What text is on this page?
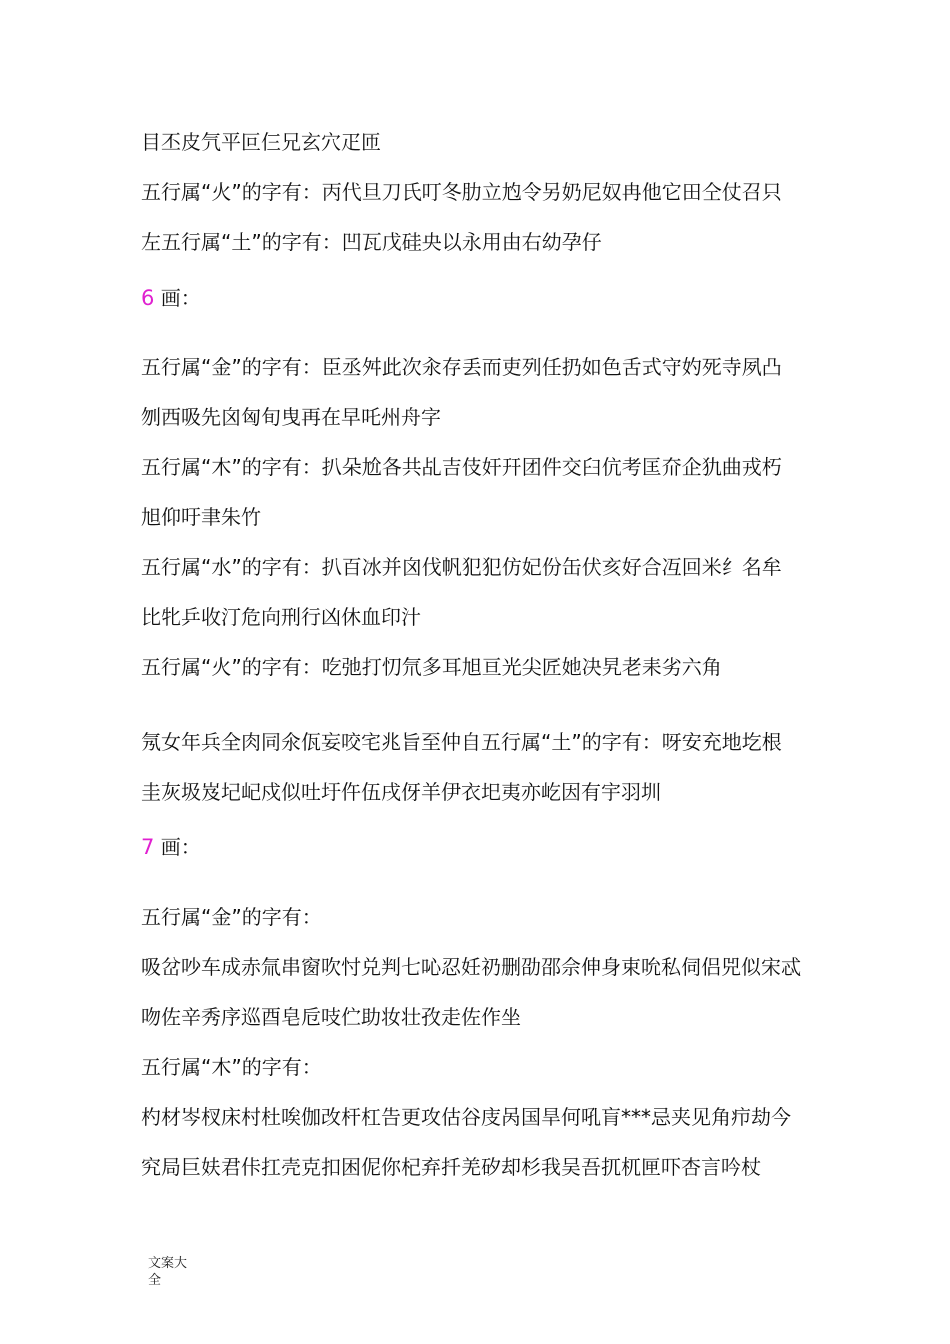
目丕皮氕平叵仨兄玄穴疋匝

五行属“火”的字有：丙代旦刀氏叮冬肋立尥令另奶尼奴冉他它田仝仗召只

左五行属“土”的字有：凹瓦戊硅央以永用由右幼孕仔

6 画：

五行属“金”的字有：臣丞舛此次汆存丢而吏列任扔如色舌式守妁死寺夙凸

刎西吸先囟匈旬曳再在早吒州舟字

五行属“木”的字有：扒朵尬各共乩吉伎奸幵团件交臼伉考匡夼企犰曲戎朽

旭仰吁聿朱竹

五行属“水”的字有：扒百冰并囟伐帆犯犯仿妃份缶伏亥好合冱回米纟名牟

比牝乒收汀危向刑行凶休血印汁

五行属“火”的字有：吃弛打忉氘多耳旭亘光尖匠她决旯老耒劣六角

氖女年兵全肉同氽佤妄咬宅兆旨至仲自五行属“土”的字有：呀安充地圪根

圭灰圾岌圮屺戍似吐圩仵伍戌伢羊伊衣圯夷亦屹因有宇羽圳

7 画：

五行属“金”的字有：

吸岔吵车成赤氚串窗吹忖兑判七吣忍妊礽删劭邵佘伸身束吮私伺侣兕似宋忒

吻佐辛秀序巡酉皂卮吱伫助妆壮孜走佐作坐

五行属“木”的字有：

杓材岑杈床村杜唉伽改杆杠告更攻估谷庋呙国旱何吼肓***忌夹见角疖劫今

究局巨妋君佧扛壳克扣困伲你杞弃扦羌矽却杉我吴吾扤杌匣吓杏言吟杖

文案大全
